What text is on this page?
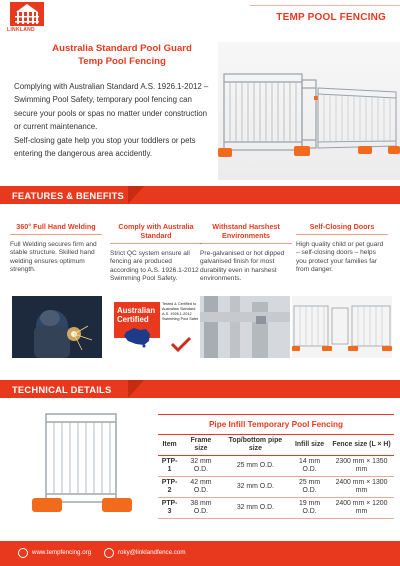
LINKLAND
TEMP POOL FENCING
Australia Standard Pool Guard
Temp Pool Fencing

Complying with Australian Standard A.S. 1926.1-2012 – Swimming Pool Safety, temporary pool fencing can secure your pools or spas no matter under construction or current maintenance.

Self-closing gate help you stop your toddlers or pets entering the dangerous area accidently.

FEATURES & BENEFITS
360° Full Hand Welding

Full Welding secures firm and stable structure. Skilled hand welding ensures optimum strength.

Comply with Australia Standard

Strict QC system ensure all fencing are produced according to A.S. 1926.1-2012 Swimming Pool Safety.

Withstand Harshest Environments

Pre-galvanised or hot dipped galvanised finish for most durability even in harshest environments.

Self-Closing Doors

High quality child or pet guard – self-closing doors – helps you protect your families far from danger.

Australian
Certified
Tested & Certified to Australian Standard A.S. 1926.1-2012 Swimming Pool Safet
TECHNICAL DETAILS
Pipe Infill Temporary Pool Fencing
Item	Frame size	Top/bottom pipe size	Infill size	Fence size (L × H)
PTP-1	32 mm O.D.	25 mm O.D.	14 mm O.D.	2300 mm × 1350 mm
PTP-2	42 mm O.D.	32 mm O.D.	25 mm O.D.	2400 mm × 1300 mm
PTP-3	38 mm O.D.	32 mm O.D.	19 mm O.D.	2400 mm × 1200 mm
www.tempfencing.org	roky@linklandfence.com
